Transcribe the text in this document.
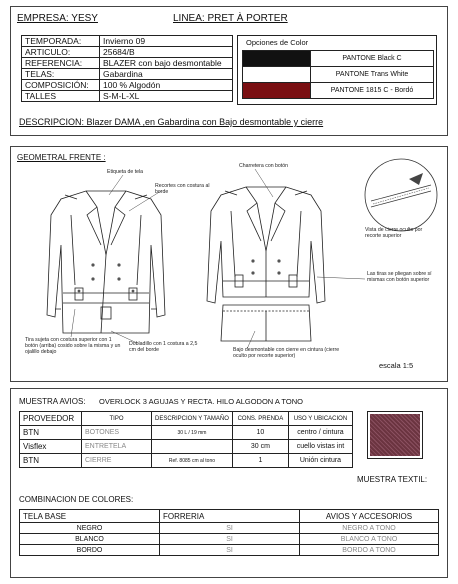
EMPRESA: YESY	LINEA: PRET À PORTER
TEMPORADA:	Invierno 09
ARTICULO:	25684/B
REFERENCIA:	BLAZER con bajo desmontable
TELAS:	Gabardina
COMPOSICIÓN:	100 % Algodón
TALLES	S-M-L-XL
Opciones de Color
	PANTONE Black C
	PANTONE Trans White
	PANTONE 1815 C - Bordó
DESCRIPCION: Blazer DAMA ,en Gabardina con Bajo desmontable y cierre
GEOMETRAL FRENTE :
Etiqueta de tela
Recortes con costura al borde
Charretera con botón
Vista de cierre oculto por recorte superior
Las tiras se pliegan sobre sí mismas con botón superior
Tira sujeta con costura superior con 1 botón (arriba) cosido sobre la misma y un ojalillo debajo
Dobladillo con 1 costura a 2,5 cm del borde	Bajo desmontable con cierre en cintura (cierre oculto por recorte superior)
escala 1:5
MUESTRA AVIOS: OVERLOCK 3 AGUJAS Y RECTA. HILO ALGODON A TONO
PROVEEDOR	TIPO	DESCRIPCION Y TAMAÑO	CONS. PRENDA	USO Y UBICACION
BTN	BOTONES	30 L / 19 mm	10	centro / cintura
Visflex	ENTRETELA		30 cm	cuello vistas int
BTN	CIERRE	Ref. 8085 cm al tono	1	Unión cintura
MUESTRA TEXTIL:
COMBINACION DE COLORES:
TELA BASE	FORRERIA	AVIOS Y ACCESORIOS
NEGRO	SI	NEGRO A TONO
BLANCO	SI	BLANCO A TONO
BORDO	SI	BORDO A TONO
